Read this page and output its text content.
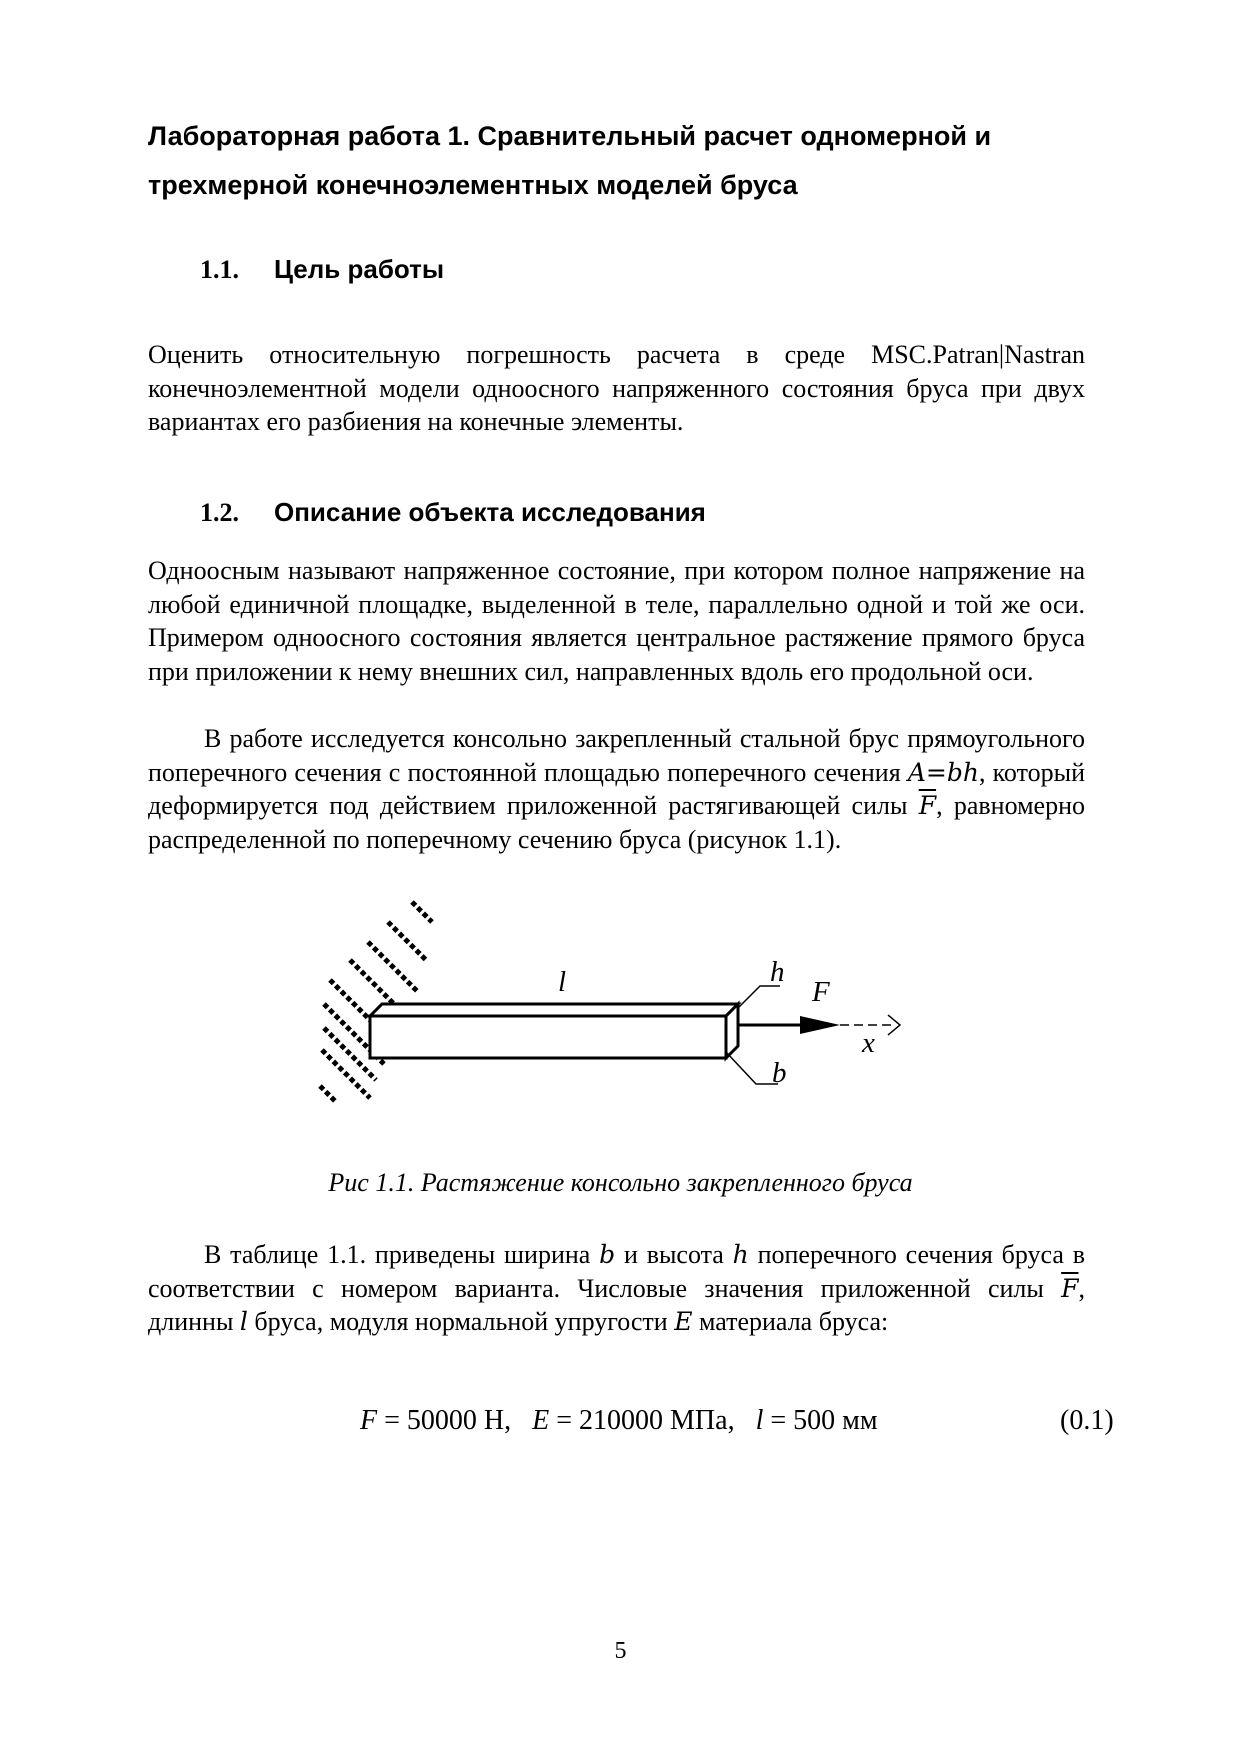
Лабораторная работа 1. Сравнительный расчет одномерной и
трехмерной конечноэлементных моделей бруса
1.1. Цель работы

Оценить относительную погрешность расчета в среде MSC.Patran|Nastran конечноэлементной модели одноосного напряженного состояния бруса при двух вариантах его разбиения на конечные элементы.

1.2. Описание объекта исследования

Одноосным называют напряженное состояние, при котором полное напряжение на любой единичной площадке, выделенной в теле, параллельно одной и той же оси. Примером одноосного состояния является центральное растяжение прямого бруса при приложении к нему внешних сил, направленных вдоль его продольной оси.

В работе исследуется консольно закрепленный стальной брус прямоугольного поперечного сечения с постоянной площадью поперечного сечения A=bh, который деформируется под действием приложенной растягивающей силы $\overline{F}$, равномерно распределенной по поперечному сечению бруса (рисунок 1.1).

l	h
F
b
x

Рис 1.1. Растяжение консольно закрепленного бруса

В таблице 1.1. приведены ширина b и высота h поперечного сечения бруса в соответствии с номером варианта. Числовые значения приложенной силы $\overline{F}$, длинны l бруса, модуля нормальной упругости E материала бруса:

F = 50000 Н, E = 210000 МПа, l = 500 мм	(0.1)
5
